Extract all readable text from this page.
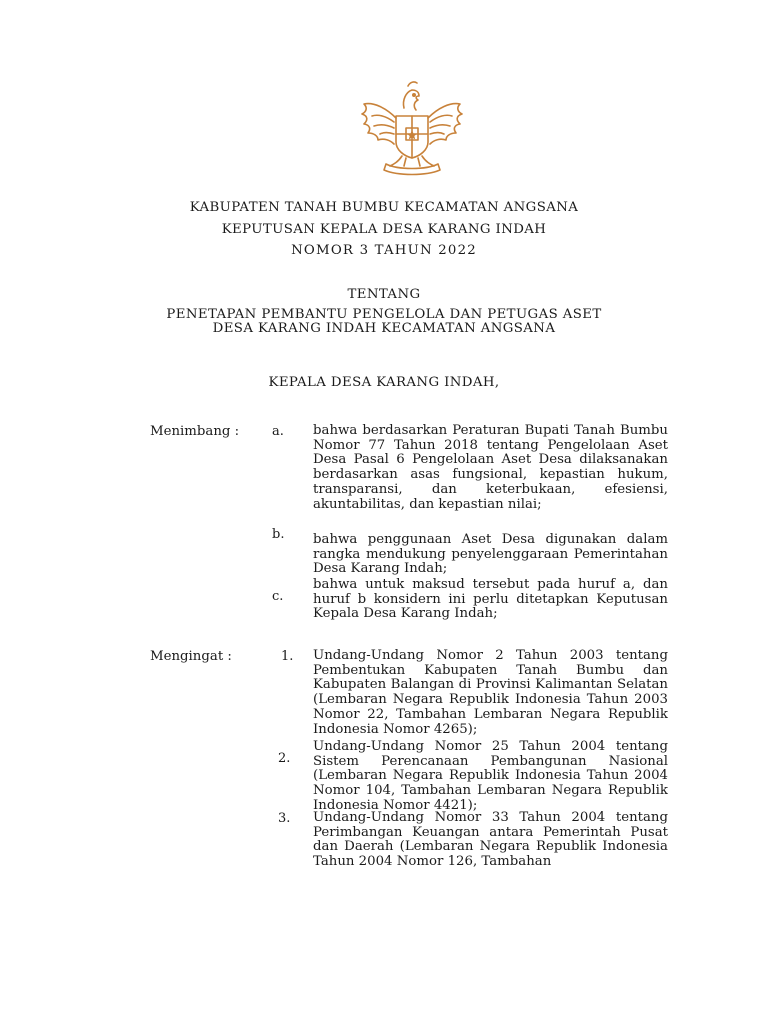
KABUPATEN TANAH BUMBU KECAMATAN ANGSANA
KEPUTUSAN KEPALA DESA KARANG INDAH
NOMOR 3 TAHUN 2022
TENTANG
PENETAPAN PEMBANTU PENGELOLA DAN PETUGAS ASET
DESA KARANG INDAH KECAMATAN ANGSANA
KEPALA DESA KARANG INDAH,
Menimbang :	a. bahwa berdasarkan Peraturan Bupati Tanah Bumbu Nomor 77 Tahun 2018 tentang Pengelolaan Aset Desa Pasal 6 Pengelolaan Aset Desa dilaksanakan berdasarkan asas fungsional, kepastian hukum, transparansi, dan keterbukaan, efesiensi, akuntabilitas, dan kepastian nilai;
b. bahwa penggunaan Aset Desa digunakan dalam rangka mendukung penyelenggaraan Pemerintahan Desa Karang Indah;
c.
bahwa untuk maksud tersebut pada huruf a, dan huruf b konsidern ini perlu ditetapkan Keputusan Kepala Desa Karang Indah;
Mengingat :	1. Undang-Undang Nomor 2 Tahun 2003 tentang Pembentukan Kabupaten Tanah Bumbu dan Kabupaten Balangan di Provinsi Kalimantan Selatan (Lembaran Negara Republik Indonesia Tahun 2003 Nomor 22, Tambahan Lembaran Negara Republik Indonesia Nomor 4265);
2.
Undang-Undang Nomor 25 Tahun 2004 tentang Sistem Perencanaan Pembangunan Nasional (Lembaran Negara Republik Indonesia Tahun 2004 Nomor 104, Tambahan Lembaran Negara Republik Indonesia Nomor 4421);
3. Undang-Undang Nomor 33 Tahun 2004 tentang Perimbangan Keuangan antara Pemerintah Pusat dan Daerah (Lembaran Negara Republik Indonesia Tahun 2004 Nomor 126, Tambahan
